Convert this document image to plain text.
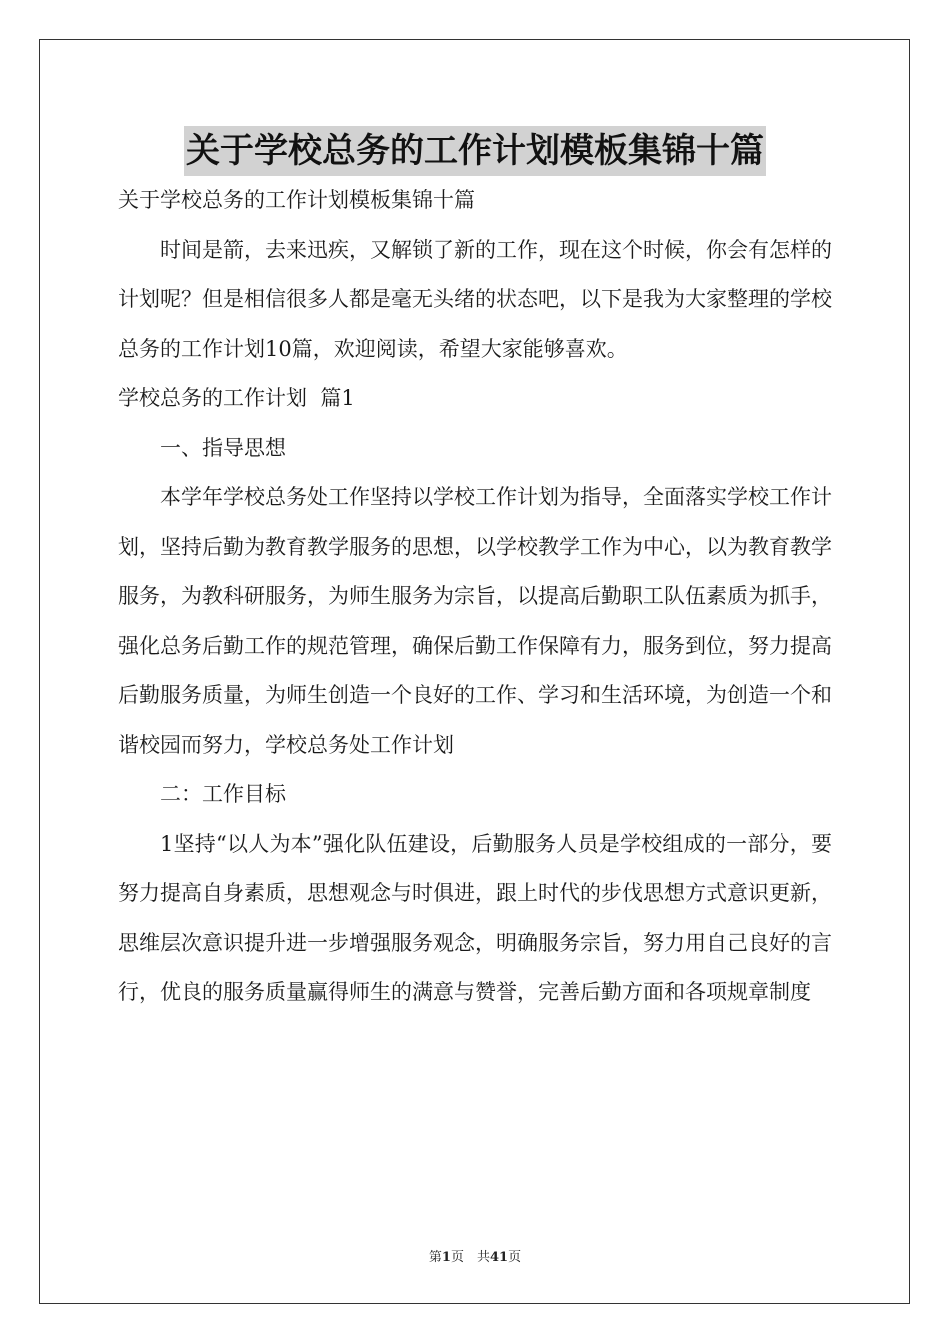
关于学校总务的工作计划模板集锦十篇

关于学校总务的工作计划模板集锦十篇

时间是箭，去来迅疾，又解锁了新的工作，现在这个时候，你会有怎样的计划呢？但是相信很多人都是毫无头绪的状态吧，以下是我为大家整理的学校总务的工作计划10篇，欢迎阅读，希望大家能够喜欢。

学校总务的工作计划  篇1

一、指导思想

本学年学校总务处工作坚持以学校工作计划为指导，全面落实学校工作计划，坚持后勤为教育教学服务的思想，以学校教学工作为中心，以为教育教学服务，为教科研服务，为师生服务为宗旨，以提高后勤职工队伍素质为抓手，强化总务后勤工作的规范管理，确保后勤工作保障有力，服务到位，努力提高后勤服务质量，为师生创造一个良好的工作、学习和生活环境，为创造一个和谐校园而努力，学校总务处工作计划

二：工作目标

1坚持“以人为本”强化队伍建设，后勤服务人员是学校组成的一部分，要努力提高自身素质，思想观念与时俱进，跟上时代的步伐思想方式意识更新，思维层次意识提升进一步增强服务观念，明确服务宗旨，努力用自己良好的言行，优良的服务质量赢得师生的满意与赞誉，完善后勤方面和各项规章制度

第1页　共41页
